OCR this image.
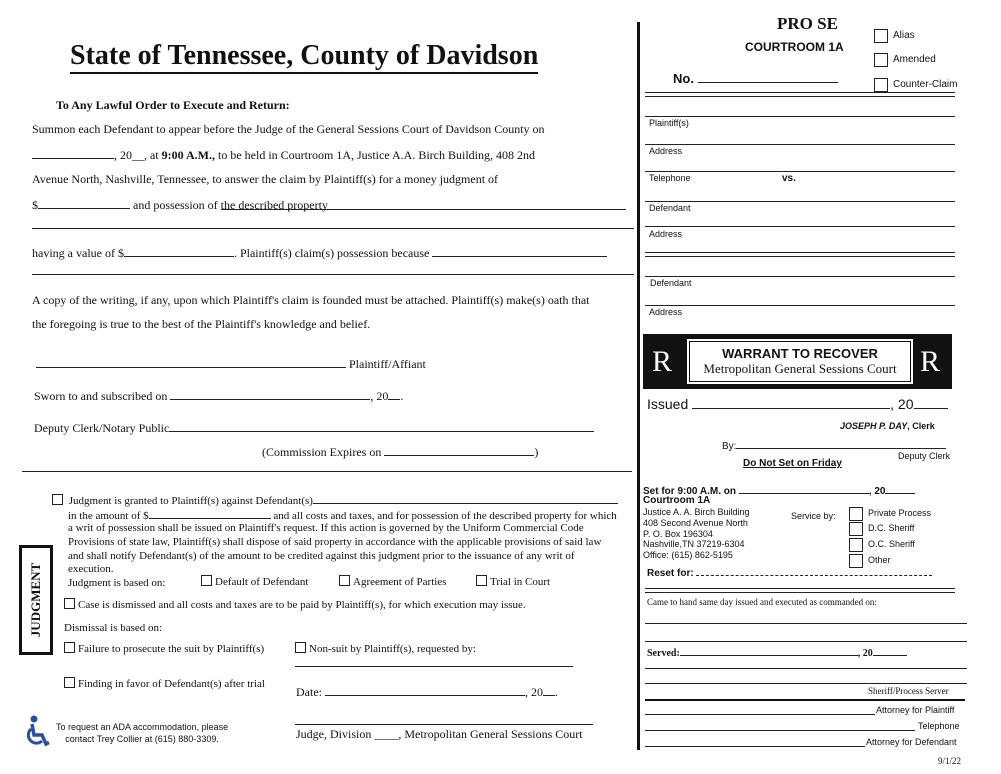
State of Tennessee, County of Davidson
To Any Lawful Order to Execute and Return:
Summon each Defendant to appear before the Judge of the General Sessions Court of Davidson County on
, 20__, at 9:00 A.M., to be held in Courtroom 1A, Justice A.A. Birch Building, 408 2nd
Avenue North, Nashville, Tennessee, to answer the claim by Plaintiff(s) for a money judgment of
$	and possession of the described property
having a value of $	. Plaintiff(s) claim(s) possession because
A copy of the writing, if any, upon which Plaintiff's claim is founded must be attached. Plaintiff(s) make(s) oath that
the foregoing is true to the best of the Plaintiff's knowledge and belief.
Plaintiff/Affiant
Sworn to and subscribed on	, 20 .
Deputy Clerk/Notary Public
(Commission Expires on	)
JUDGMENT
Judgment is granted to Plaintiff(s) against Defendant(s)
in the amount of $	and all costs and taxes, and for possession of the described property for which
a writ of possession shall be issued on Plaintiff's request. If this action is governed by the Uniform Commercial Code
Provisions of state law, Plaintiff(s) shall dispose of said property in accordance with the applicable provisions of said law
and shall notify Defendant(s) of the amount to be credited against this judgment prior to the issuance of any writ of
execution.
Judgment is based on:	Default of Defendant	Agreement of Parties	Trial in Court
Case is dismissed and all costs and taxes are to be paid by Plaintiff(s), for which execution may issue.
Dismissal is based on:
Failure to prosecute the suit by Plaintiff(s)	Non-suit by Plaintiff(s), requested by:
Finding in favor of Defendant(s) after trial
Date:	, 20 .
Judge, Division ____, Metropolitan General Sessions Court
To request an ADA accommodation, please
contact Trey Collier at (615) 880-3309.
PRO SE
COURTROOM 1A
Alias
Amended
Counter-Claim
No.
Plaintiff(s)
Address
Telephone	vs.
Defendant
Address
Defendant
Address
R	R
WARRANT TO RECOVER
Metropolitan General Sessions Court
Issued	, 20
JOSEPH P. DAY, Clerk
By:
Deputy Clerk
Do Not Set on Friday
Set for 9:00 A.M. on	, 20
Courtroom 1A
Justice A. A. Birch Building
408 Second Avenue North
P. O. Box 196304
Nashville,TN 37219-6304
Office: (615) 862-5195
Service by:	Private Process
D.C. Sheriff
O.C. Sheriff
Other
Reset for:
Came to hand same day issued and executed as commanded on:
Served:	, 20
Sheriff/Process Server
Attorney for Plaintiff
Telephone
Attorney for Defendant
9/1/22
